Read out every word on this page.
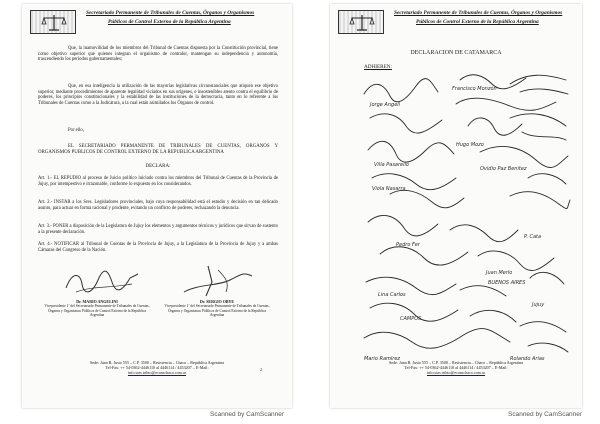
Secretariado Permanente de Tribunales de Cuentas, Órganos y Organismos
Públicos de Control Externo de la República Argentina

Que, la inamovilidad de los miembros del Tribunal de Cuentas dispuesta por la Constitución provincial, tiene como objetivo superior que quienes integran el organismo de contralor, mantengan su independencia y autonomía, trascendiendo los períodos gubernamentales;

Que, en esa inteligencia la utilización de las mayorías legislativas circunstanciales que atiquen ese objetivo superior, mediante procedimientos de aparente legalidad viciados en sus orígenes, e insostenibles atento contra el equilibrio de poderes, los principios constitucionales y la estabilidad de las instituciones de la democracia, tanto en lo referente a los Tribunales de Cuentas como a la Judicatura, a la cual están asimilados los Órganos de control.

Por ello,

EL SECRETARIADO PERMANENTE DE TRIBUNALES DE CUENTAS, ORGANOS Y ORGANISMOS PUBLICOS DE CONTROL EXTERNO DE LA REPUBLICA ARGENTINA

DECLARA:

Art. 1.- EL REPUDIO al proceso de Juicio político iniciado contra los miembros del Tribunal de Cuentas de la Provincia de Jujuy, por intempestivo e irrazonable, conforme lo expuesto en los considerandos.

Art. 2.- INSTAR a los Sres. Legisladores provinciales, bajo cuya responsabilidad está el estudio y decisión en tan delicado asunto, para actuar en forma racional y prudente, evitando un conflicto de poderes, rechazando la denuncia.

Art. 3.- PONER a disposición de la Legislatura de Jujuy los elementos y argumentos técnicos y jurídicos que sirvan de sustento a la presente declaración.

Art. 4.- NOTIFICAR al Tribunal de Cuentas de la Provincia de Jujuy, a la Legislatura de la Provincia de Jujuy y a ambas Cámaras del Congreso de la Nación.

Dr. MARIO ANGELINI
Vicepresidente 1º del Secretariado Permanente de Tribunales de Cuentas, Órganos y Organismos Públicos de Control Externo de la República Argentina
Dr. SERGIO OBYE
Vicepresidente 1º del Secretariado Permanente de Tribunales de Cuentas, Órganos y Organismos Públicos de Control Externo de la República Argentina
Sede: Juan B. Justo 555 – C.P. 3500 – Resistencia – Chaco – República Argentina
Tel-Fax: ++ 54-0362-4446110 al 4446114 / 4453207 – E-Mail:
info.stas.tribto@ecomchaco.com.ar
2
Secretariado Permanente de Tribunales de Cuentas, Órganos y Organismos
Públicos de Control Externo de la República Argentina
DECLARACION DE CATAMARCA
ADHIEREN:
Jorge Angeli
Francisco Monzón
Ovidio Paz Benitez
Hugo Mozo
Viola Nasarra
Villa Pasarello
Pedro Fer
Juan Merlo
Lina Carlos
P. Cata
BUENOS AIRES
CAMPOS
Rolando Arias
Mario Ramirez
Jujuy
Sede: Juan B. Justo 555 – C.P. 3500 – Resistencia – Chaco – República Argentina
Tel-Fax: ++ 54-0362-4446110 al 4446114 / 4453207 – E-Mail:
info.stas.tribto@ecomchaco.com.ar
Scanned by CamScanner	Scanned by CamScanner
